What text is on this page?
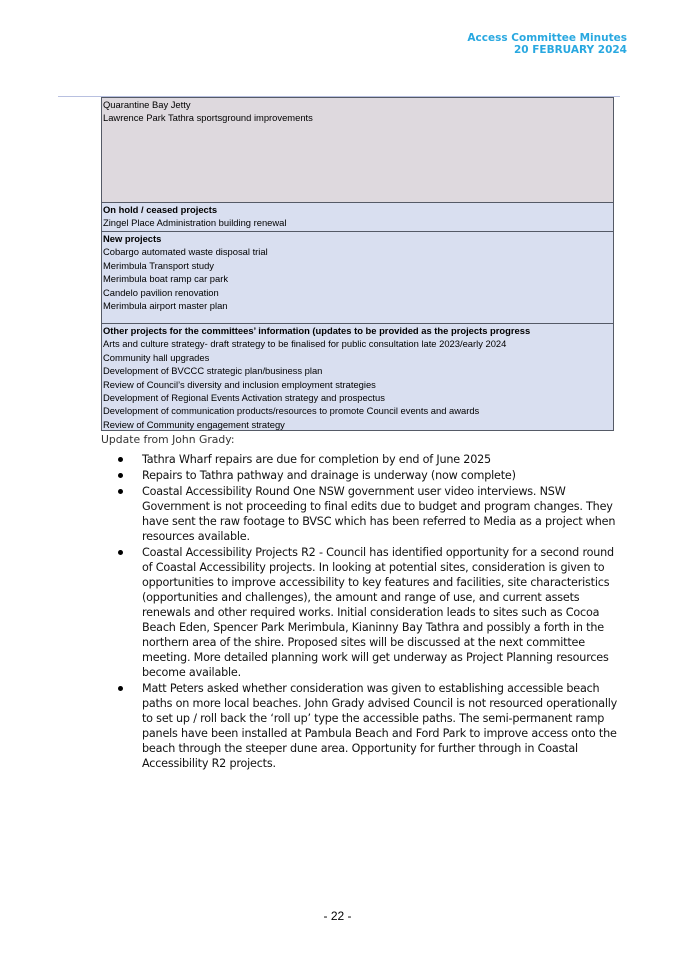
Access Committee Minutes
20 FEBRUARY 2024
Quarantine Bay Jetty
Lawrence Park Tathra sportsground improvements
On hold / ceased projects
Zingel Place Administration building renewal
New projects
Cobargo automated waste disposal trial
Merimbula Transport study
Merimbula boat ramp car park
Candelo pavilion renovation
Merimbula airport master plan
Other projects for the committees’ information (updates to be provided as the projects progress
Arts and culture strategy- draft strategy to be finalised for public consultation late 2023/early 2024
Community hall upgrades
Development of BVCCC strategic plan/business plan
Review of Council’s diversity and inclusion employment strategies
Development of Regional Events Activation strategy and prospectus
Development of communication products/resources to promote Council events and awards
Review of Community engagement strategy
Update from John Grady:
Tathra Wharf repairs are due for completion by end of June 2025
Repairs to Tathra pathway and drainage is underway (now complete)
Coastal Accessibility Round One NSW government user video interviews. NSW Government is not proceeding to final edits due to budget and program changes. They have sent the raw footage to BVSC which has been referred to Media as a project when resources available.
Coastal Accessibility Projects R2 - Council has identified opportunity for a second round of Coastal Accessibility projects. In looking at potential sites, consideration is given to opportunities to improve accessibility to key features and facilities, site characteristics (opportunities and challenges), the amount and range of use, and current assets renewals and other required works. Initial consideration leads to sites such as Cocoa Beach Eden, Spencer Park Merimbula, Kianinny Bay Tathra and possibly a forth in the northern area of the shire. Proposed sites will be discussed at the next committee meeting. More detailed planning work will get underway as Project Planning resources become available.
Matt Peters asked whether consideration was given to establishing accessible beach paths on more local beaches. John Grady advised Council is not resourced operationally to set up / roll back the ‘roll up’ type the accessible paths. The semi-permanent ramp panels have been installed at Pambula Beach and Ford Park to improve access onto the beach through the steeper dune area. Opportunity for further through in Coastal Accessibility R2 projects.
- 22 -
